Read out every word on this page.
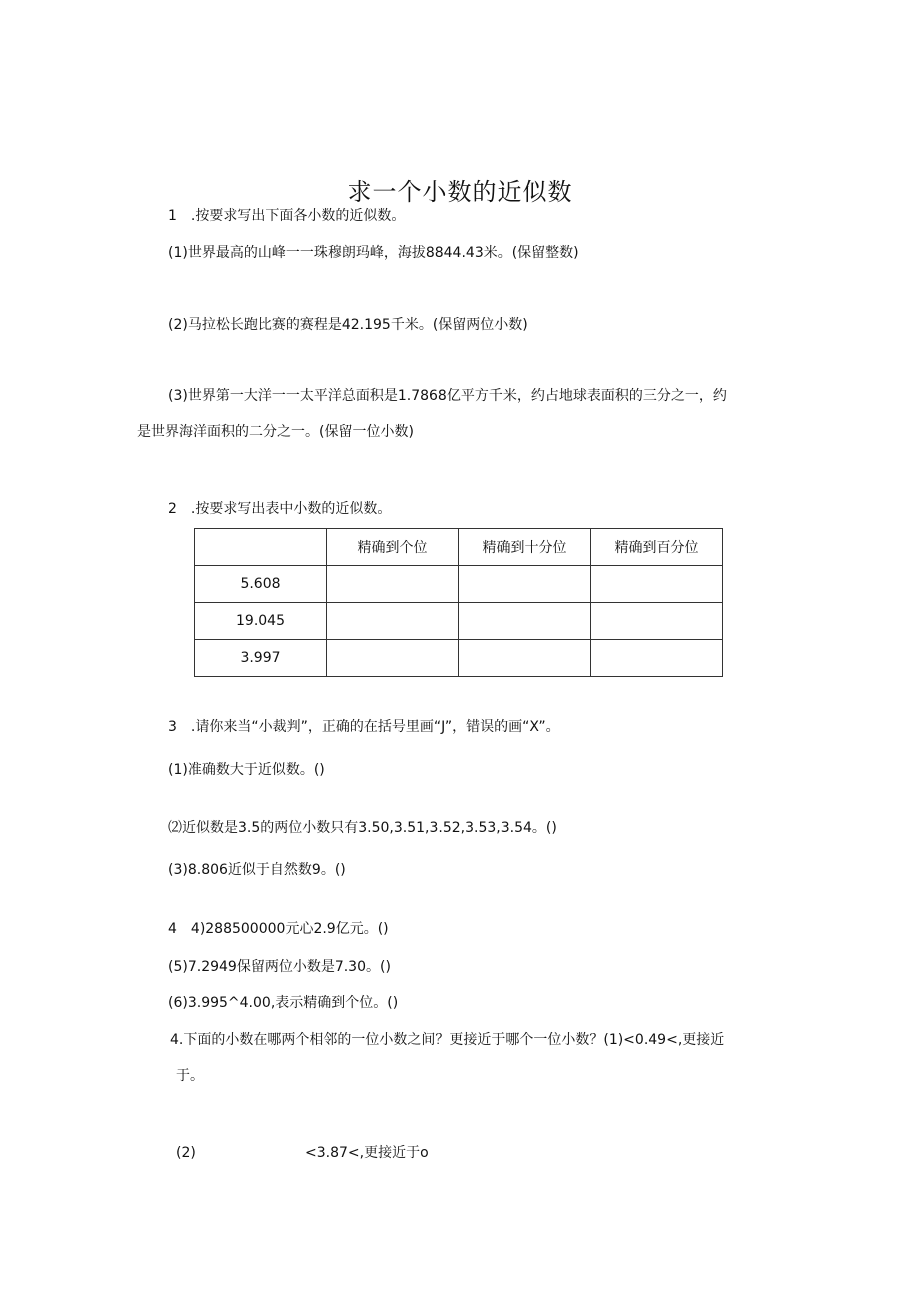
求一个小数的近似数
1　.按要求写出下面各小数的近似数。
(1)世界最高的山峰一一珠穆朗玛峰，海拔8844.43米。(保留整数)
(2)马拉松长跑比赛的赛程是42.195千米。(保留两位小数)
(3)世界第一大洋一一太平洋总面积是1.7868亿平方千米，约占地球表面积的三分之一，约
是世界海洋面积的二分之一。(保留一位小数)
2　.按要求写出表中小数的近似数。
	精确到个位	精确到十分位	精确到百分位
5.608			
19.045			
3.997			
3　.请你来当“小裁判”，正确的在括号里画“J”，错误的画“X”。
(1)准确数大于近似数。()
⑵近似数是3.5的两位小数只有3.50,3.51,3.52,3.53,3.54。()
(3)8.806近似于自然数9。()
4　4)288500000元心2.9亿元。()
(5)7.2949保留两位小数是7.30。()
(6)3.995^4.00,表示精确到个位。()
4.下面的小数在哪两个相邻的一位小数之间？更接近于哪个一位小数？(1)<0.49<,更接近
于。
(2)	<3.87<,更接近于o
